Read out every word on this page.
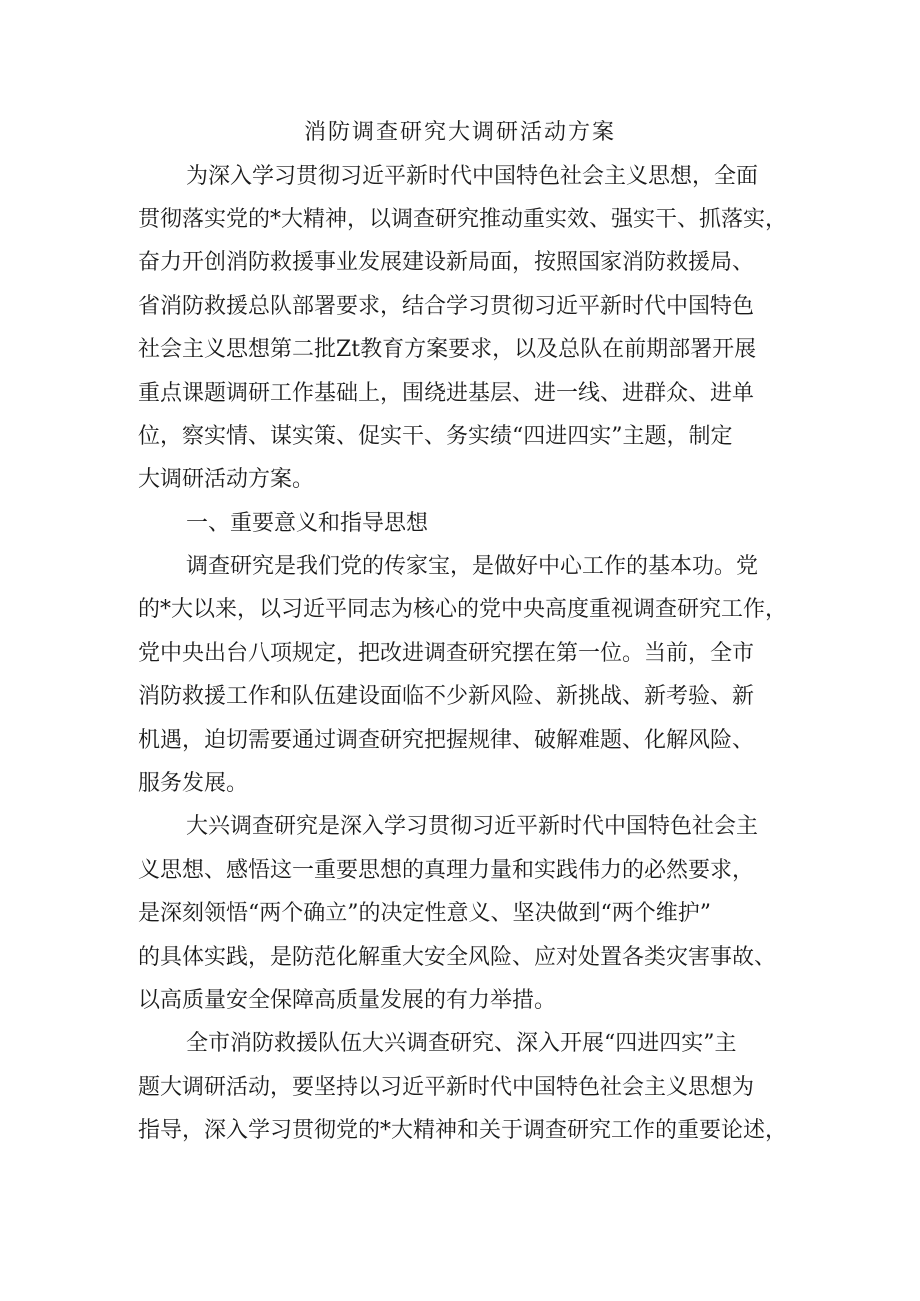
消防调查研究大调研活动方案

为深入学习贯彻习近平新时代中国特色社会主义思想，全面

贯彻落实党的*大精神，以调查研究推动重实效、强实干、抓落实，

奋力开创消防救援事业发展建设新局面，按照国家消防救援局、

省消防救援总队部署要求，结合学习贯彻习近平新时代中国特色

社会主义思想第二批Zt教育方案要求，以及总队在前期部署开展

重点课题调研工作基础上，围绕进基层、进一线、进群众、进单

位，察实情、谋实策、促实干、务实绩“四进四实”主题，制定

大调研活动方案。

一、重要意义和指导思想

调查研究是我们党的传家宝，是做好中心工作的基本功。党

的*大以来，以习近平同志为核心的党中央高度重视调查研究工作，

党中央出台八项规定，把改进调查研究摆在第一位。当前，全市

消防救援工作和队伍建设面临不少新风险、新挑战、新考验、新

机遇，迫切需要通过调查研究把握规律、破解难题、化解风险、

服务发展。

大兴调查研究是深入学习贯彻习近平新时代中国特色社会主

义思想、感悟这一重要思想的真理力量和实践伟力的必然要求，

是深刻领悟“两个确立”的决定性意义、坚决做到“两个维护”

的具体实践，是防范化解重大安全风险、应对处置各类灾害事故、

以高质量安全保障高质量发展的有力举措。

全市消防救援队伍大兴调查研究、深入开展“四进四实”主

题大调研活动，要坚持以习近平新时代中国特色社会主义思想为

指导，深入学习贯彻党的*大精神和关于调查研究工作的重要论述，
